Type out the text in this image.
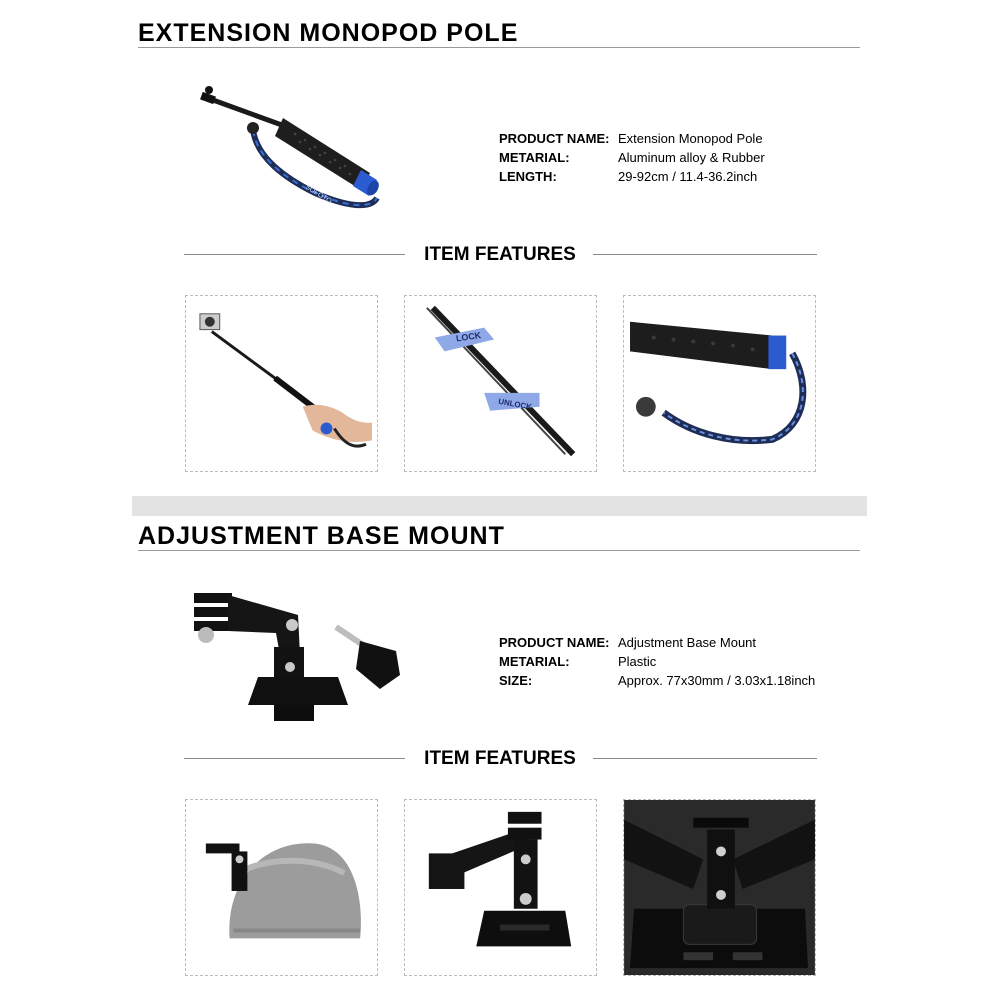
EXTENSION MONOPOD POLE
SOFOTO
PRODUCT NAME: Extension Monopod Pole
METARIAL:	Aluminum alloy & Rubber
LENGTH:	29-92cm / 11.4-36.2inch
ITEM FEATURES
LOCK
UNLOCK
ADJUSTMENT BASE MOUNT
PRODUCT NAME: Adjustment Base Mount
METARIAL:	Plastic
SIZE:	Approx. 77x30mm / 3.03x1.18inch
ITEM FEATURES
